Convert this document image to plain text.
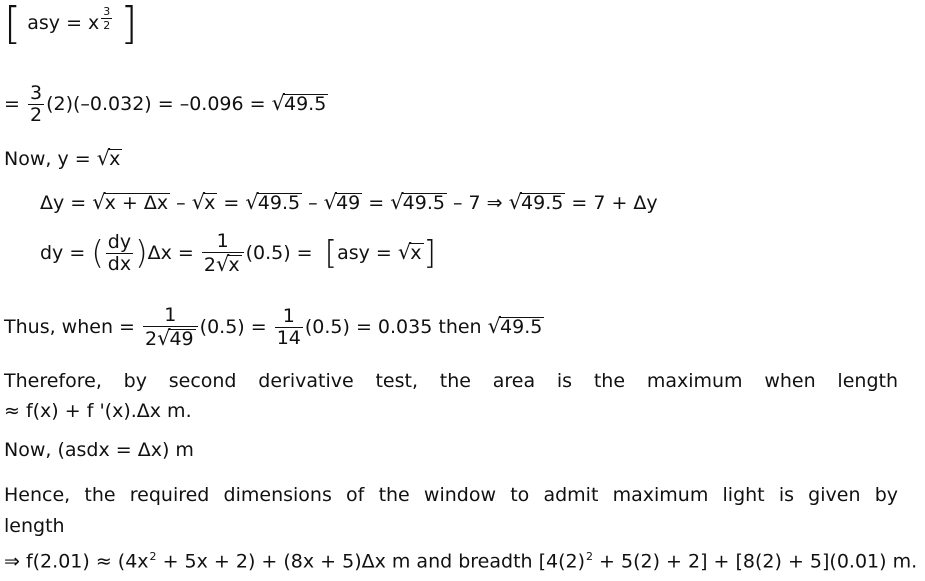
[ asy = x $\frac{3}{2}$ ]
= $\frac{3}{2} (2)(-0.032) = -0.096 = √49.5$
Now, y = √x
Δy = √x + Δx – √x = √49.5 – √49 = √49.5 – 7 ⇒ √49.5 = 7 + Δy
dy = ( $\frac{dy}{dx} )\Delta x = \frac{1}{2√x} (0.5) = [asy = √x]$
Thus, when = $\frac{1}{2√49} (0.5) = \frac{1}{14} (0.5) = 0.035$ then √49.5
Therefore, by second derivative test, the area is the maximum when length
≈ f(x) + f '(x).Δx m.
Now, (asdx = Δx) m
Hence, the required dimensions of the window to admit maximum light is given by
length
⇒ $f(2.01) \approx (4x^2 + 5x + 2) + (8x + 5)\Delta x$ m and breadth $[4(2)^2 + 5(2) + 2] + [8(2) + 5](0.01)$ m.
